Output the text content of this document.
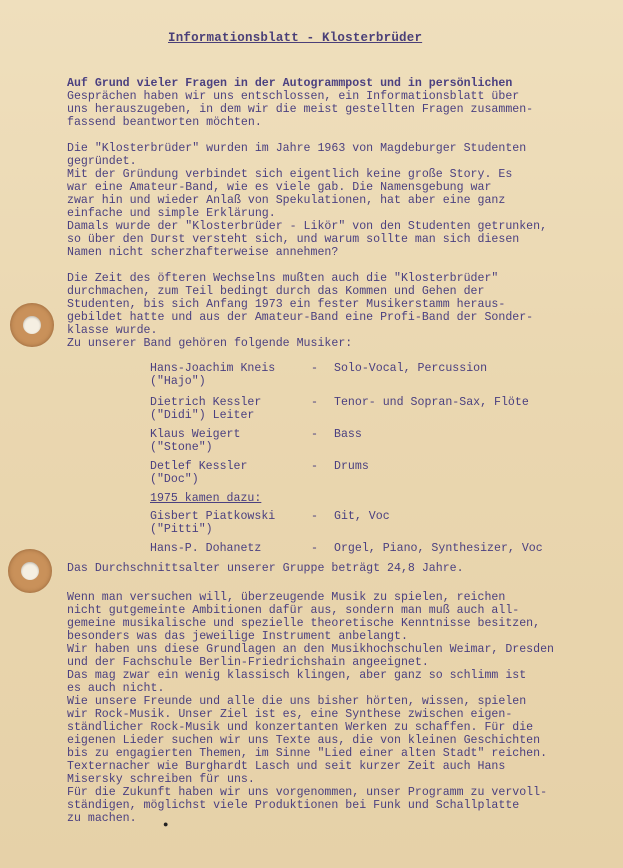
Informationsblatt - Klosterbrüder
Auf Grund vieler Fragen in der Autogrammpost und in persönlichen
Gesprächen haben wir uns entschlossen, ein Informationsblatt über
uns herauszugeben, in dem wir die meist gestellten Fragen zusammen-
fassend beantworten möchten.
Die "Klosterbrüder" wurden im Jahre 1963 von Magdeburger Studenten
gegründet.
Mit der Gründung verbindet sich eigentlich keine große Story. Es
war eine Amateur-Band, wie es viele gab. Die Namensgebung war
zwar hin und wieder Anlaß von Spekulationen, hat aber eine ganz
einfache und simple Erklärung.
Damals wurde der "Klosterbrüder - Likör" von den Studenten getrunken,
so über den Durst versteht sich, und warum sollte man sich diesen
Namen nicht scherzhafterweise annehmen?
Die Zeit des öfteren Wechselns mußten auch die "Klosterbrüder"
durchmachen, zum Teil bedingt durch das Kommen und Gehen der
Studenten, bis sich Anfang 1973 ein fester Musikerstamm heraus-
gebildet hatte und aus der Amateur-Band eine Profi-Band der Sonder-
klasse wurde.
Zu unserer Band gehören folgende Musiker:
Hans-Joachim Kneis
("Hajo")
- Solo-Vocal, Percussion
Dietrich Kessler
("Didi") Leiter
- Tenor- und Sopran-Sax, Flöte
Klaus Weigert
("Stone")
- Bass
Detlef Kessler
("Doc")
- Drums
1975 kamen dazu:
Gisbert Piatkowski
("Pitti")
- Git, Voc
Hans-P. Dohanetz	- Orgel, Piano, Synthesizer, Voc
Das Durchschnittsalter unserer Gruppe beträgt 24,8 Jahre.
Wenn man versuchen will, überzeugende Musik zu spielen, reichen
nicht gutgemeinte Ambitionen dafür aus, sondern man muß auch all-
gemeine musikalische und spezielle theoretische Kenntnisse besitzen,
besonders was das jeweilige Instrument anbelangt.
Wir haben uns diese Grundlagen an den Musikhochschulen Weimar, Dresden
und der Fachschule Berlin-Friedrichshain angeeignet.
Das mag zwar ein wenig klassisch klingen, aber ganz so schlimm ist
es auch nicht.
Wie unsere Freunde und alle die uns bisher hörten, wissen, spielen
wir Rock-Musik. Unser Ziel ist es, eine Synthese zwischen eigen-
ständlicher Rock-Musik und konzertanten Werken zu schaffen. Für die
eigenen Lieder suchen wir uns Texte aus, die von kleinen Geschichten
bis zu engagierten Themen, im Sinne "Lied einer alten Stadt" reichen.
Texternacher wie Burghardt Lasch und seit kurzer Zeit auch Hans
Misersky schreiben für uns.
Für die Zukunft haben wir uns vorgenommen, unser Programm zu vervoll-
ständigen, möglichst viele Produktionen bei Funk und Schallplatte
zu machen.	●
